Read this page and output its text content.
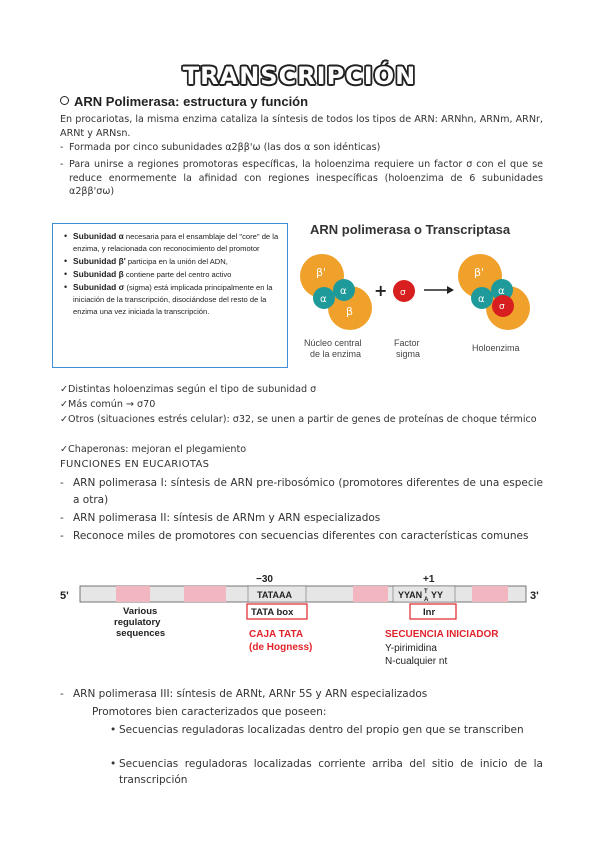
TRANSCRIPCIÓN
ARN Polimerasa: estructura y función
En procariotas, la misma enzima cataliza la síntesis de todos los tipos de ARN: ARNhn, ARNm, ARNr, ARNt y ARNsn.
- Formada por cinco subunidades α2ββ'ω (las dos α son idénticas)
- Para unirse a regiones promotoras específicas, la holoenzima requiere un factor σ con el que se reduce enormemente la afinidad con regiones inespecíficas (holoenzima de 6 subunidades α2ββ'σω)
• Subunidad α necesaria para el ensamblaje del "core" de la enzima, y relacionada con reconocimiento del promotor
• Subunidad β' participa en la unión del ADN,
• Subunidad β contiene parte del centro activo
• Subunidad σ (sigma) está implicada principalmente en la iniciación de la transcripción, disociándose del resto de la enzima una vez iniciada la transcripción.
ARN polimerasa o Transcriptasa
β'
α
α
β
+ σ
β'
α
α
σ
Núcleo central
de la enzima
Factor
sigma
Holoenzima
✓Distintas holoenzimas según el tipo de subunidad σ
✓Más común → σ70
✓Otros (situaciones estrés celular): σ32, se unen a partir de genes de proteínas de choque térmico
✓Chaperonas: mejoran el plegamiento
FUNCIONES EN EUCARIOTAS
- ARN polimerasa I: síntesis de ARN pre-ribosómico (promotores diferentes de una especie a otra)
- ARN polimerasa II: síntesis de ARNm y ARN especializados
- Reconoce miles de promotores con secuencias diferentes con características comunes
5'	3'
−30	+1
TATAAA	YYAN T
A YY
Various
regulatory
sequences
TATA box	Inr
CAJA TATA
(de Hogness)
SECUENCIA INICIADOR
Y-pirimidina
N-cualquier nt
- ARN polimerasa III: síntesis de ARNt, ARNr 5S y ARN especializados
Promotores bien caracterizados que poseen:
• Secuencias reguladoras localizadas dentro del propio gen que se transcriben
• Secuencias reguladoras localizadas corriente arriba del sitio de inicio de la transcripción
